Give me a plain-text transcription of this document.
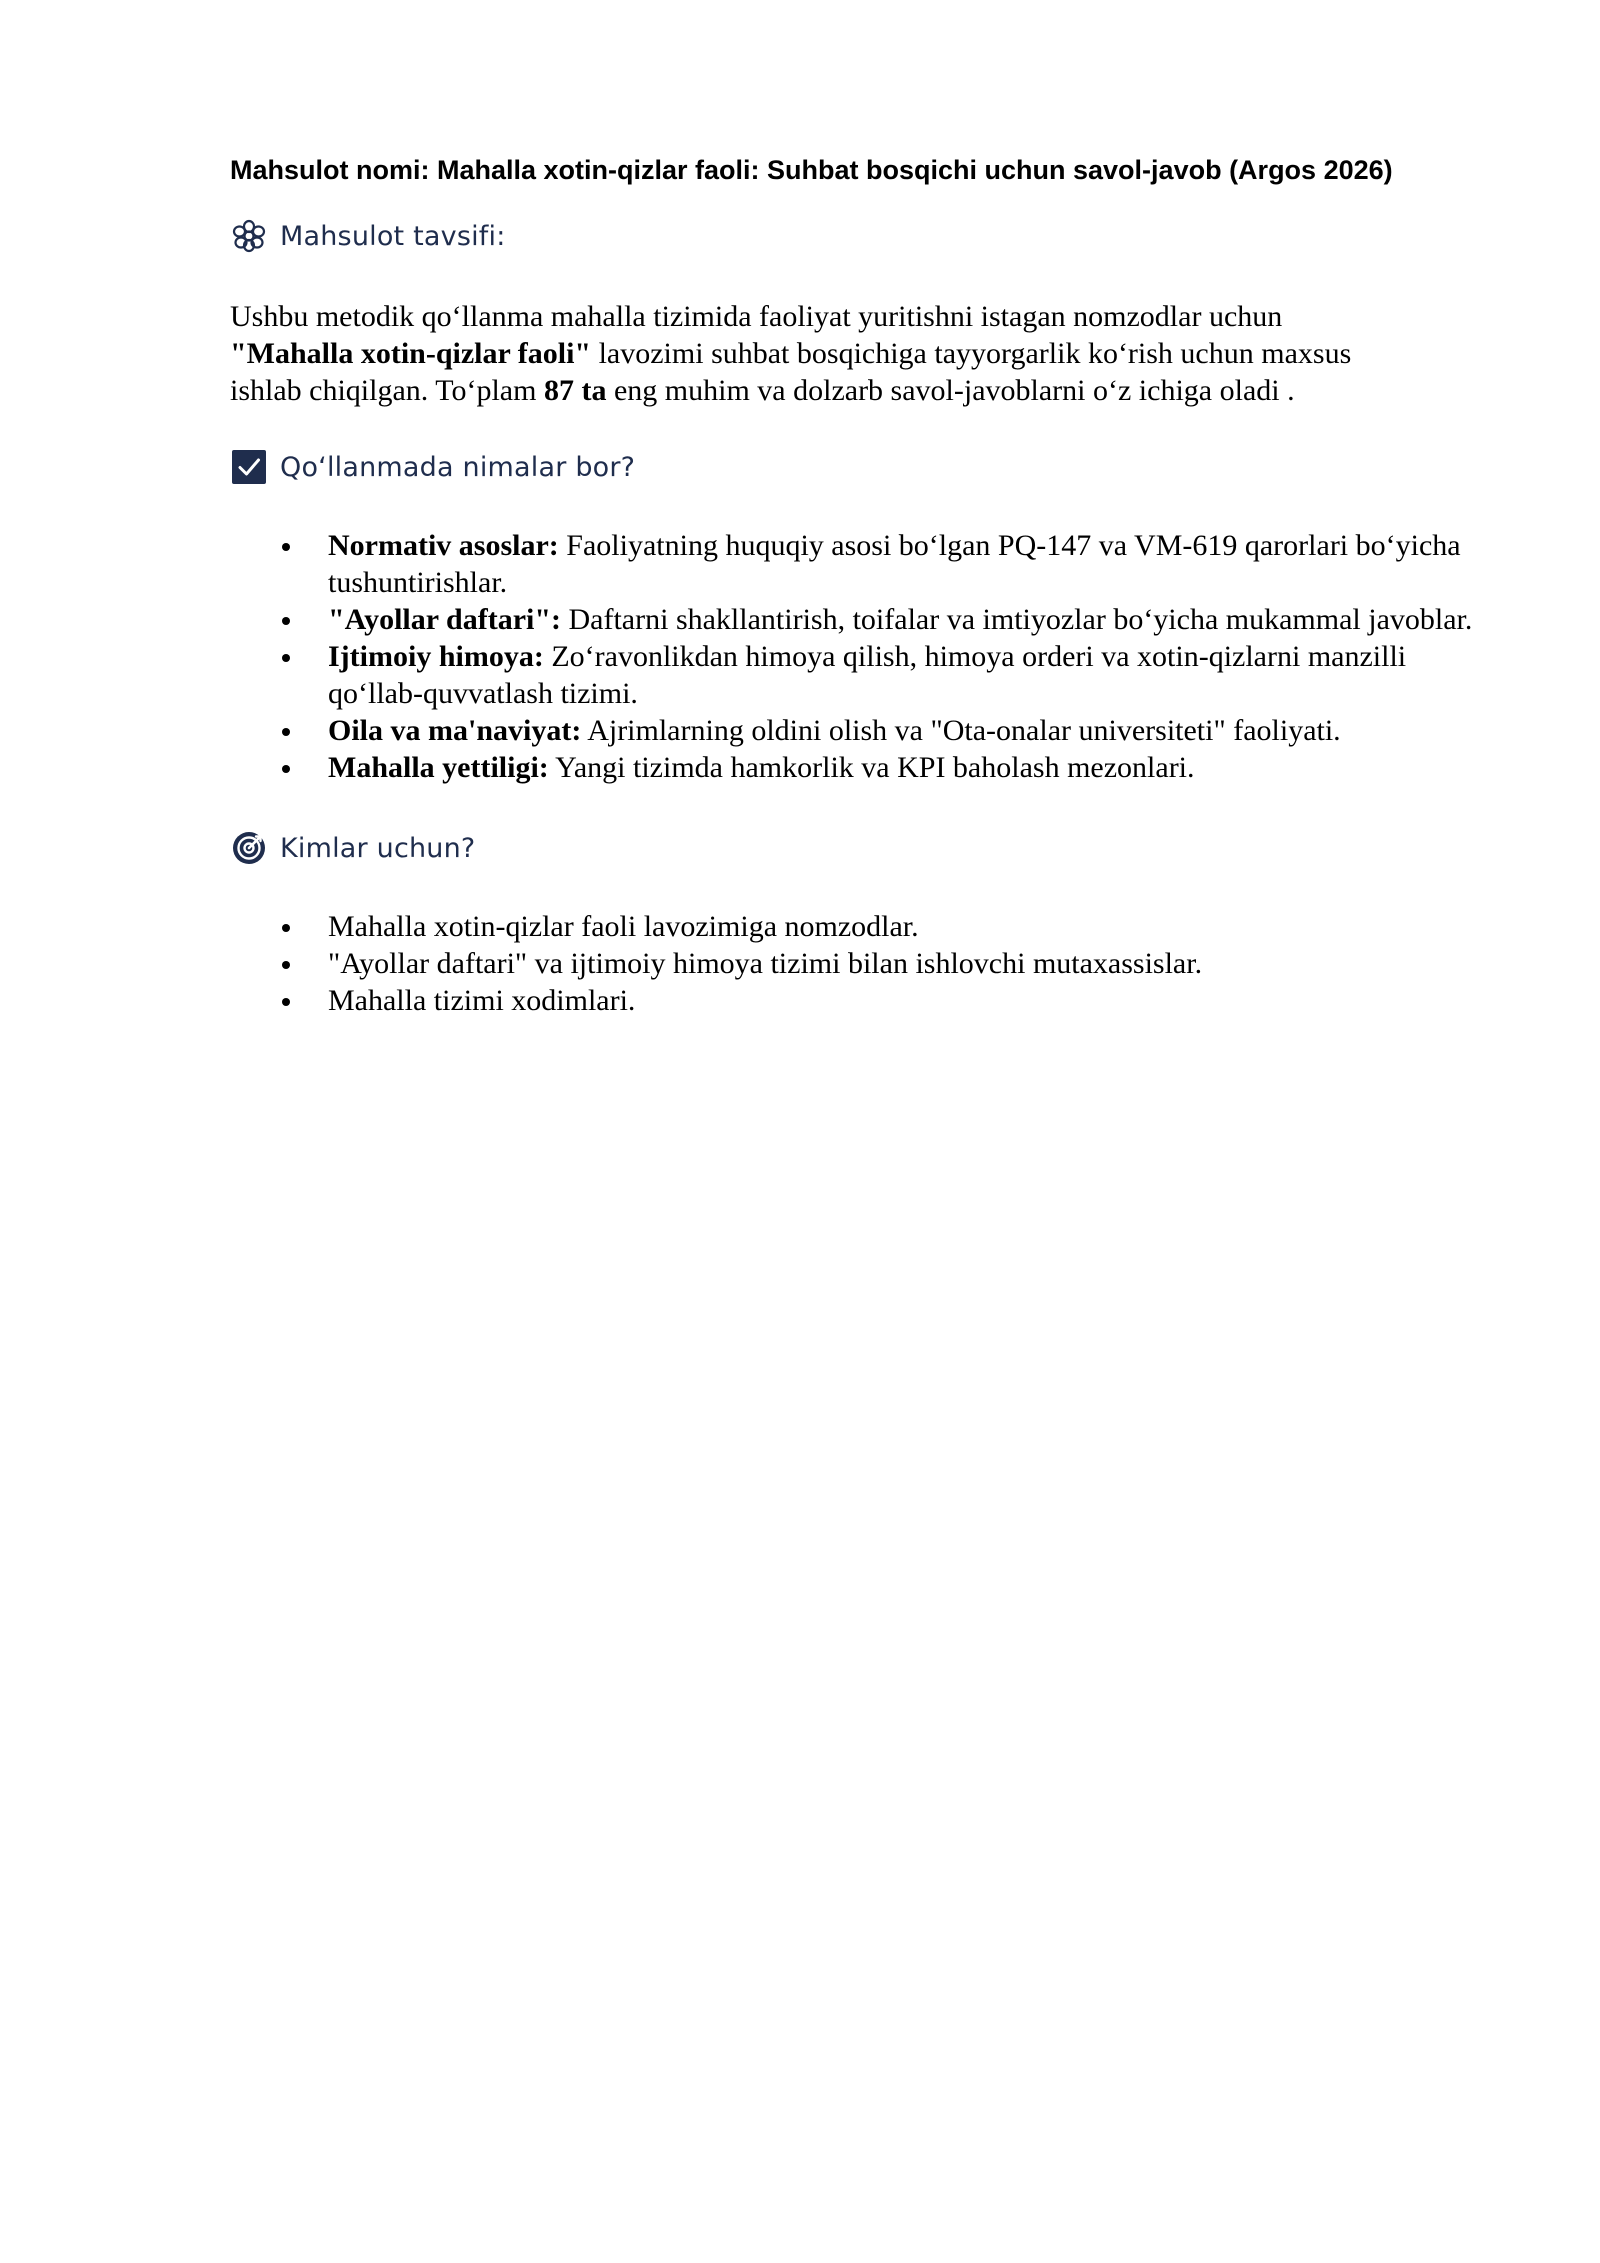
Mahsulot nomi: Mahalla xotin-qizlar faoli: Suhbat bosqichi uchun savol-javob (Argos 2026)
Mahsulot tavsifi:

Ushbu metodik qo‘llanma mahalla tizimida faoliyat yuritishni istagan nomzodlar uchun
"Mahalla xotin-qizlar faoli" lavozimi suhbat bosqichiga tayyorgarlik ko‘rish uchun maxsus
ishlab chiqilgan. To‘plam 87 ta eng muhim va dolzarb savol-javoblarni o‘z ichiga oladi .

Qo‘llanmada nimalar bor?
Normativ asoslar: Faoliyatning huquqiy asosi bo‘lgan PQ-147 va VM-619 qarorlari bo‘yicha tushuntirishlar.
"Ayollar daftari": Daftarni shakllantirish, toifalar va imtiyozlar bo‘yicha mukammal javoblar.
Ijtimoiy himoya: Zo‘ravonlikdan himoya qilish, himoya orderi va xotin-qizlarni manzilli qo‘llab-quvvatlash tizimi.
Oila va ma'naviyat: Ajrimlarning oldini olish va "Ota-onalar universiteti" faoliyati.
Mahalla yettiligi: Yangi tizimda hamkorlik va KPI baholash mezonlari.
Kimlar uchun?
Mahalla xotin-qizlar faoli lavozimiga nomzodlar.
"Ayollar daftari" va ijtimoiy himoya tizimi bilan ishlovchi mutaxassislar.
Mahalla tizimi xodimlari.
